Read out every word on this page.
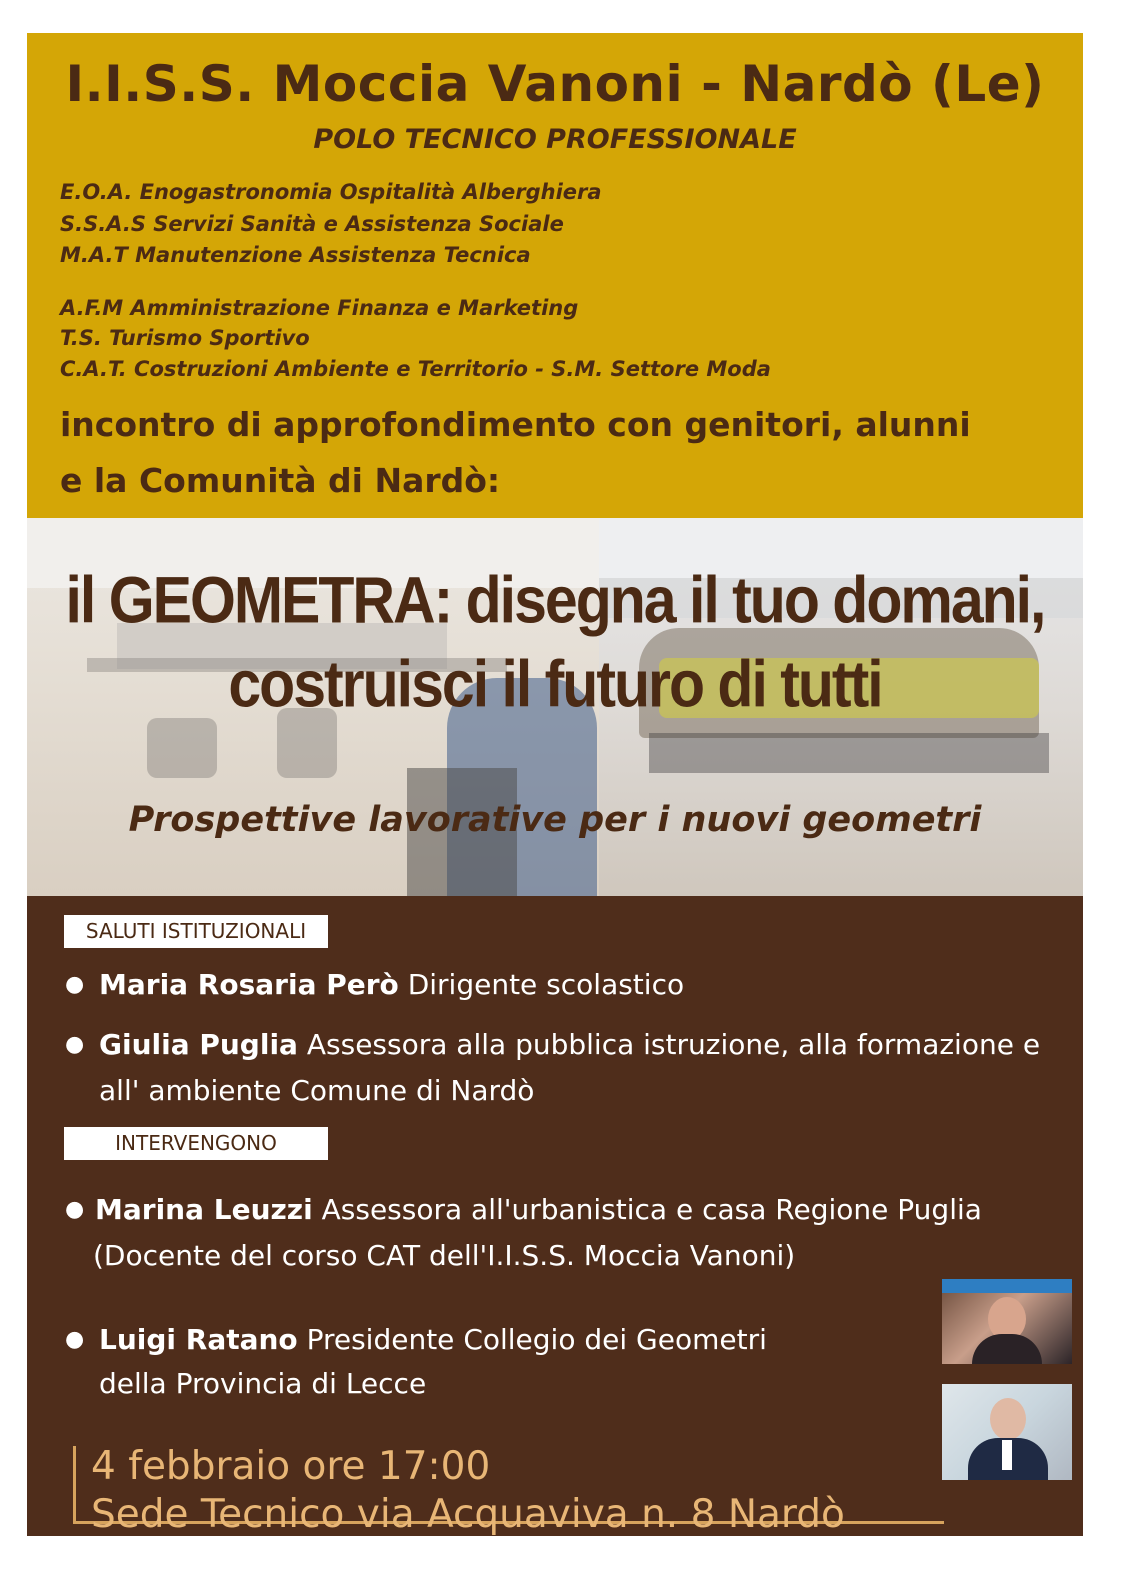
I.I.S.S. Moccia Vanoni - Nardò (Le)
POLO TECNICO PROFESSIONALE
E.O.A. Enogastronomia Ospitalità Alberghiera
S.S.A.S Servizi Sanità e Assistenza Sociale
M.A.T Manutenzione Assistenza Tecnica
A.F.M Amministrazione Finanza e Marketing
T.S. Turismo Sportivo
C.A.T. Costruzioni Ambiente e Territorio - S.M. Settore Moda
incontro di approfondimento con genitori, alunni
e la Comunità di Nardò:
il GEOMETRA: disegna il tuo domani,
costruisci il futuro di tutti
Prospettive lavorative per i nuovi geometri
SALUTI ISTITUZIONALI
● Maria Rosaria Però Dirigente scolastico
● Giulia Puglia Assessora alla pubblica istruzione, alla formazione e
all' ambiente Comune di Nardò
INTERVENGONO
● Marina Leuzzi Assessora all'urbanistica e casa Regione Puglia
(Docente del corso CAT dell'I.I.S.S. Moccia Vanoni)
● Luigi Ratano Presidente Collegio dei Geometri
della Provincia di Lecce
4 febbraio ore 17:00
Sede Tecnico via Acquaviva n. 8 Nardò
